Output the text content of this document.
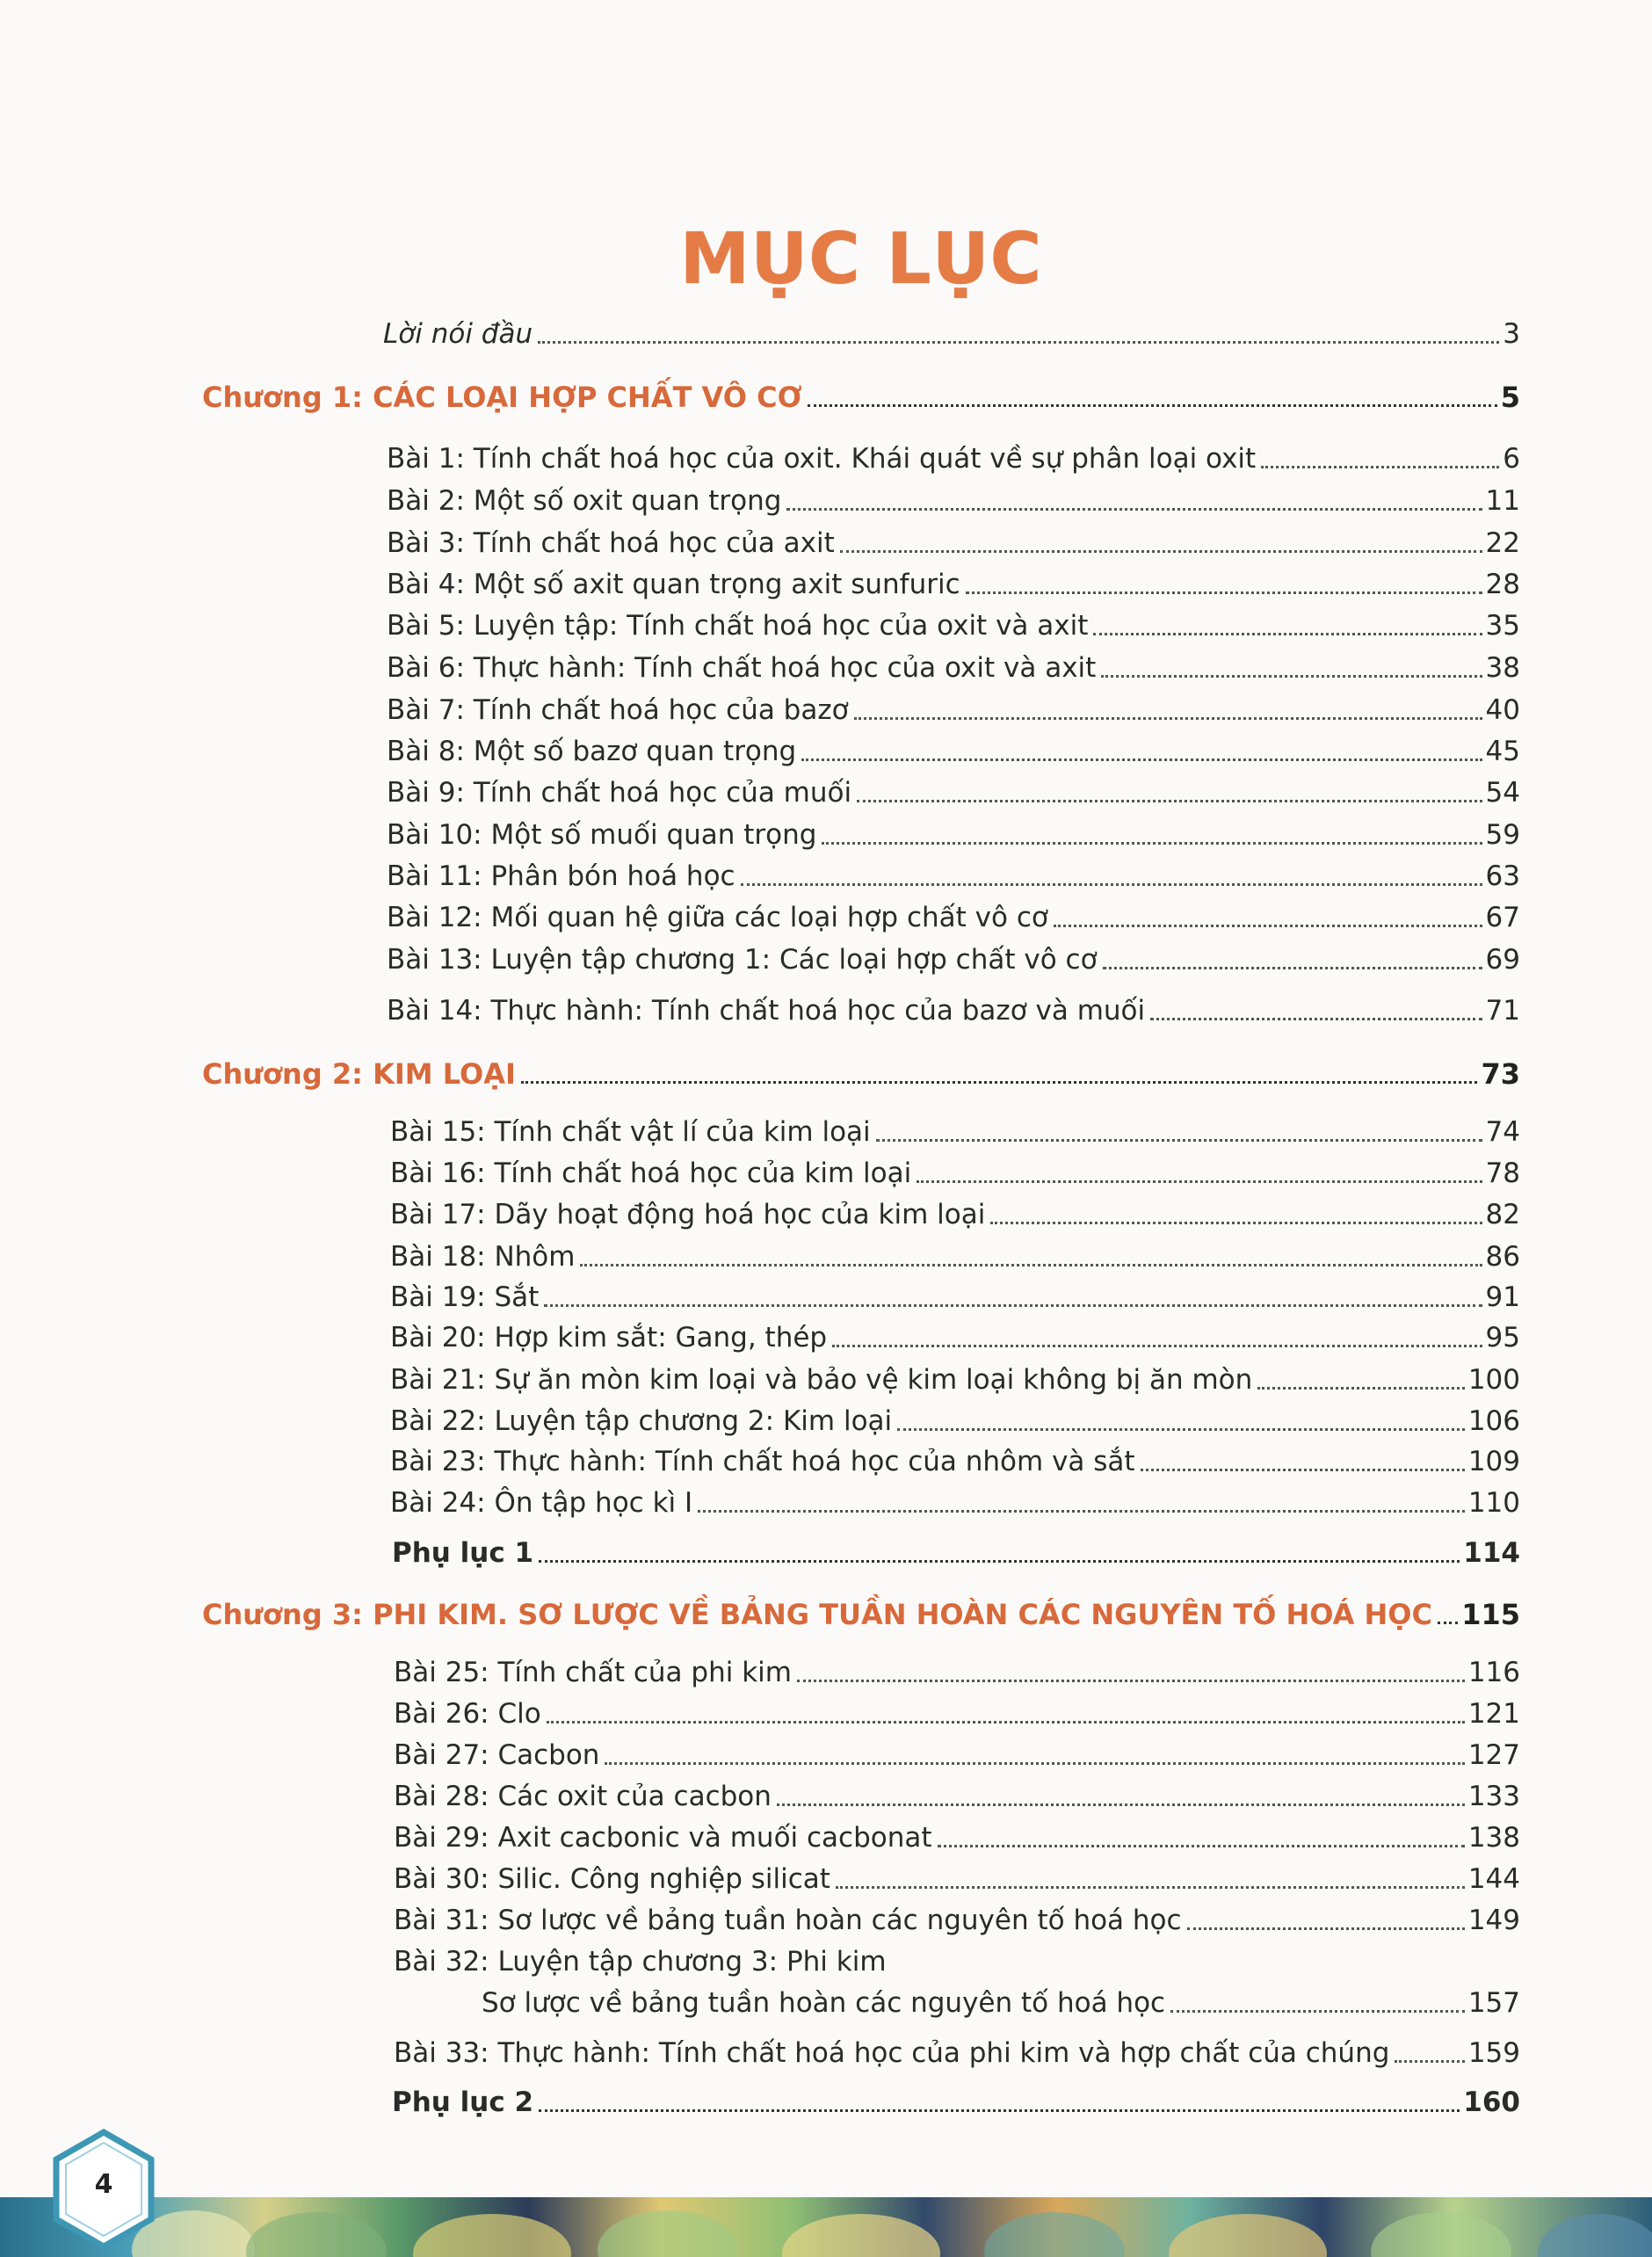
MỤC LỤC
Lời nói đầu	3
Chương 1: CÁC LOẠI HỢP CHẤT VÔ CƠ	5
Bài 1: Tính chất hoá học của oxit. Khái quát về sự phân loại oxit	6
Bài 2: Một số oxit quan trọng	11
Bài 3: Tính chất hoá học của axit	22
Bài 4: Một số axit quan trọng axit sunfuric	28
Bài 5: Luyện tập: Tính chất hoá học của oxit và axit	35
Bài 6: Thực hành: Tính chất hoá học của oxit và axit	38
Bài 7: Tính chất hoá học của bazơ	40
Bài 8: Một số bazơ quan trọng	45
Bài 9: Tính chất hoá học của muối	54
Bài 10: Một số muối quan trọng	59
Bài 11: Phân bón hoá học	63
Bài 12: Mối quan hệ giữa các loại hợp chất vô cơ	67
Bài 13: Luyện tập chương 1: Các loại hợp chất vô cơ	69
Bài 14: Thực hành: Tính chất hoá học của bazơ và muối	71
Chương 2: KIM LOẠI	73
Bài 15: Tính chất vật lí của kim loại	74
Bài 16: Tính chất hoá học của kim loại	78
Bài 17: Dãy hoạt động hoá học của kim loại	82
Bài 18: Nhôm	86
Bài 19: Sắt	91
Bài 20: Hợp kim sắt: Gang, thép	95
Bài 21: Sự ăn mòn kim loại và bảo vệ kim loại không bị ăn mòn	100
Bài 22: Luyện tập chương 2: Kim loại	106
Bài 23: Thực hành: Tính chất hoá học của nhôm và sắt	109
Bài 24: Ôn tập học kì I	110
Phụ lục 1	114
Chương 3: PHI KIM. SƠ LƯỢC VỀ BẢNG TUẦN HOÀN CÁC NGUYÊN TỐ HOÁ HỌC 115
Bài 25: Tính chất của phi kim	116
Bài 26: Clo	121
Bài 27: Cacbon	127
Bài 28: Các oxit của cacbon	133
Bài 29: Axit cacbonic và muối cacbonat	138
Bài 30: Silic. Công nghiệp silicat	144
Bài 31: Sơ lược về bảng tuần hoàn các nguyên tố hoá học	149
Bài 32: Luyện tập chương 3: Phi kim
Sơ lược về bảng tuần hoàn các nguyên tố hoá học	157
Bài 33: Thực hành: Tính chất hoá học của phi kim và hợp chất của chúng	159
Phụ lục 2	160
4
